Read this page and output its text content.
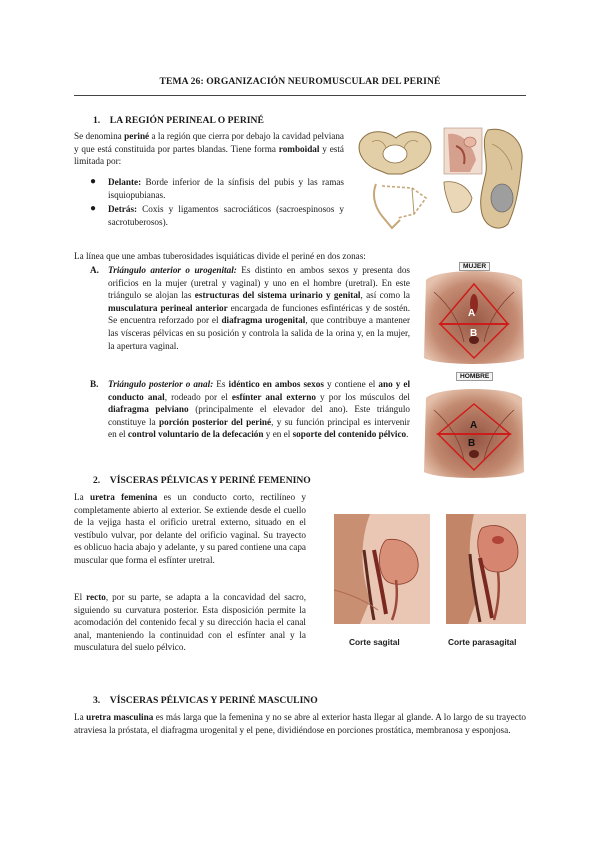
TEMA 26: ORGANIZACIÓN NEUROMUSCULAR DEL PERINÉ
1.    LA REGIÓN PERINEAL O PERINÉ

Se denomina periné a la región que cierra por debajo la cavidad pelviana y que está constituida por partes blandas. Tiene forma romboidal y está limitada por:

● Delante: Borde inferior de la sínfisis del pubis y las ramas isquiopubianas.
● Detrás: Coxis y ligamentos sacrociáticos (sacroespinosos y sacrotuberosos).

La línea que une ambas tuberosidades isquiáticas divide el periné en dos zonas:

A. Triángulo anterior o urogenital: Es distinto en ambos sexos y presenta dos orificios en la mujer (uretral y vaginal) y uno en el hombre (uretral). En este triángulo se alojan las estructuras del sistema urinario y genital, así como la musculatura perineal anterior encargada de funciones esfintéricas y de sostén. Se encuentra reforzado por el diafragma urogenital, que contribuye a mantener las vísceras pélvicas en su posición y controla la salida de la orina y, en la mujer, la apertura vaginal.
B. Triángulo posterior o anal: Es idéntico en ambos sexos y contiene el ano y el conducto anal, rodeado por el esfínter anal externo y por los músculos del diafragma pelviano (principalmente el elevador del ano). Este triángulo constituye la porción posterior del periné, y su función principal es intervenir en el control voluntario de la defecación y en el soporte del contenido pélvico.
A
B
MUJER
A
B
HOMBRE
2.    VÍSCERAS PÉLVICAS Y PERINÉ FEMENINO

La uretra femenina es un conducto corto, rectilíneo y completamente abierto al exterior. Se extiende desde el cuello de la vejiga hasta el orificio uretral externo, situado en el vestíbulo vulvar, por delante del orificio vaginal. Su trayecto es oblicuo hacia abajo y adelante, y su pared contiene una capa muscular que forma el esfínter uretral.

El recto, por su parte, se adapta a la concavidad del sacro, siguiendo su curvatura posterior. Esta disposición permite la acomodación del contenido fecal y su dirección hacia el canal anal, manteniendo la continuidad con el esfínter anal y la musculatura del suelo pélvico.

Corte sagital	Corte parasagital
3.    VÍSCERAS PÉLVICAS Y PERINÉ MASCULINO

La uretra masculina es más larga que la femenina y no se abre al exterior hasta llegar al glande. A lo largo de su trayecto atraviesa la próstata, el diafragma urogenital y el pene, dividiéndose en porciones prostática, membranosa y esponjosa.
